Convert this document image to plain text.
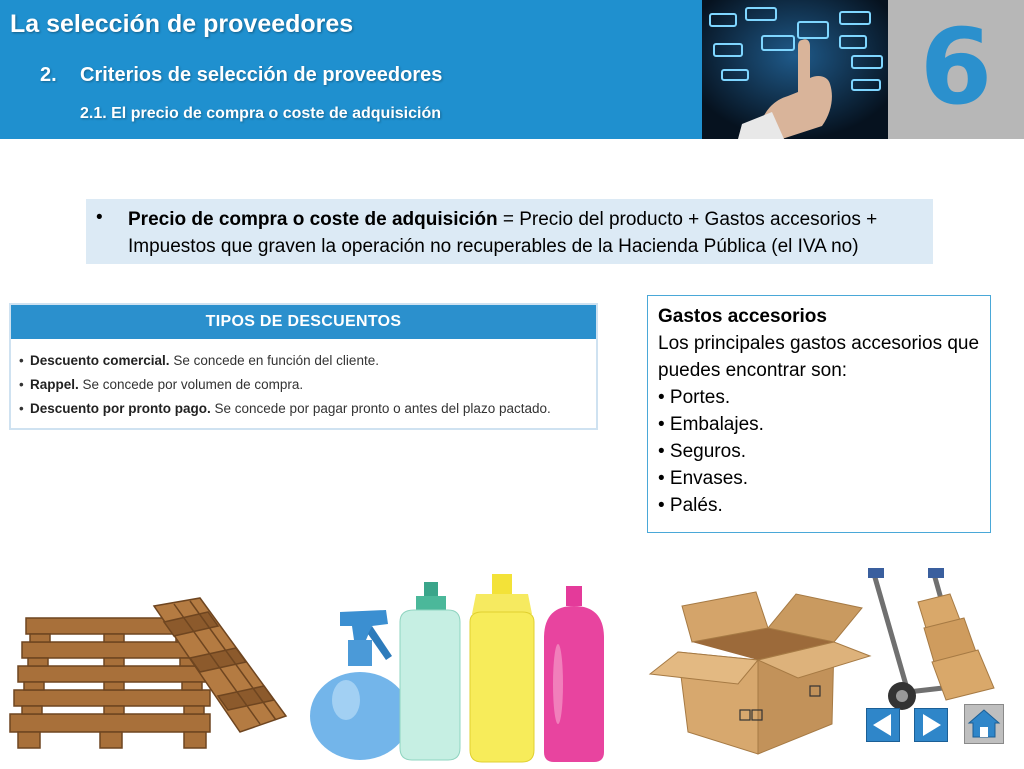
La selección de proveedores
2. Criterios de selección de proveedores
2.1. El precio de compra o coste de adquisición	6
• Precio de compra o coste de adquisición = Precio del producto + Gastos accesorios + Impuestos que graven la operación no recuperables de la Hacienda Pública (el IVA no)
TIPOS DE DESCUENTOS
• Descuento comercial. Se concede en función del cliente.
• Rappel. Se concede por volumen de compra.
• Descuento por pronto pago. Se concede por pagar pronto o antes del plazo pactado.
Gastos accesorios
Los principales gastos accesorios que puedes encontrar son:
• Portes.
• Embalajes.
• Seguros.
• Envases.
• Palés.
